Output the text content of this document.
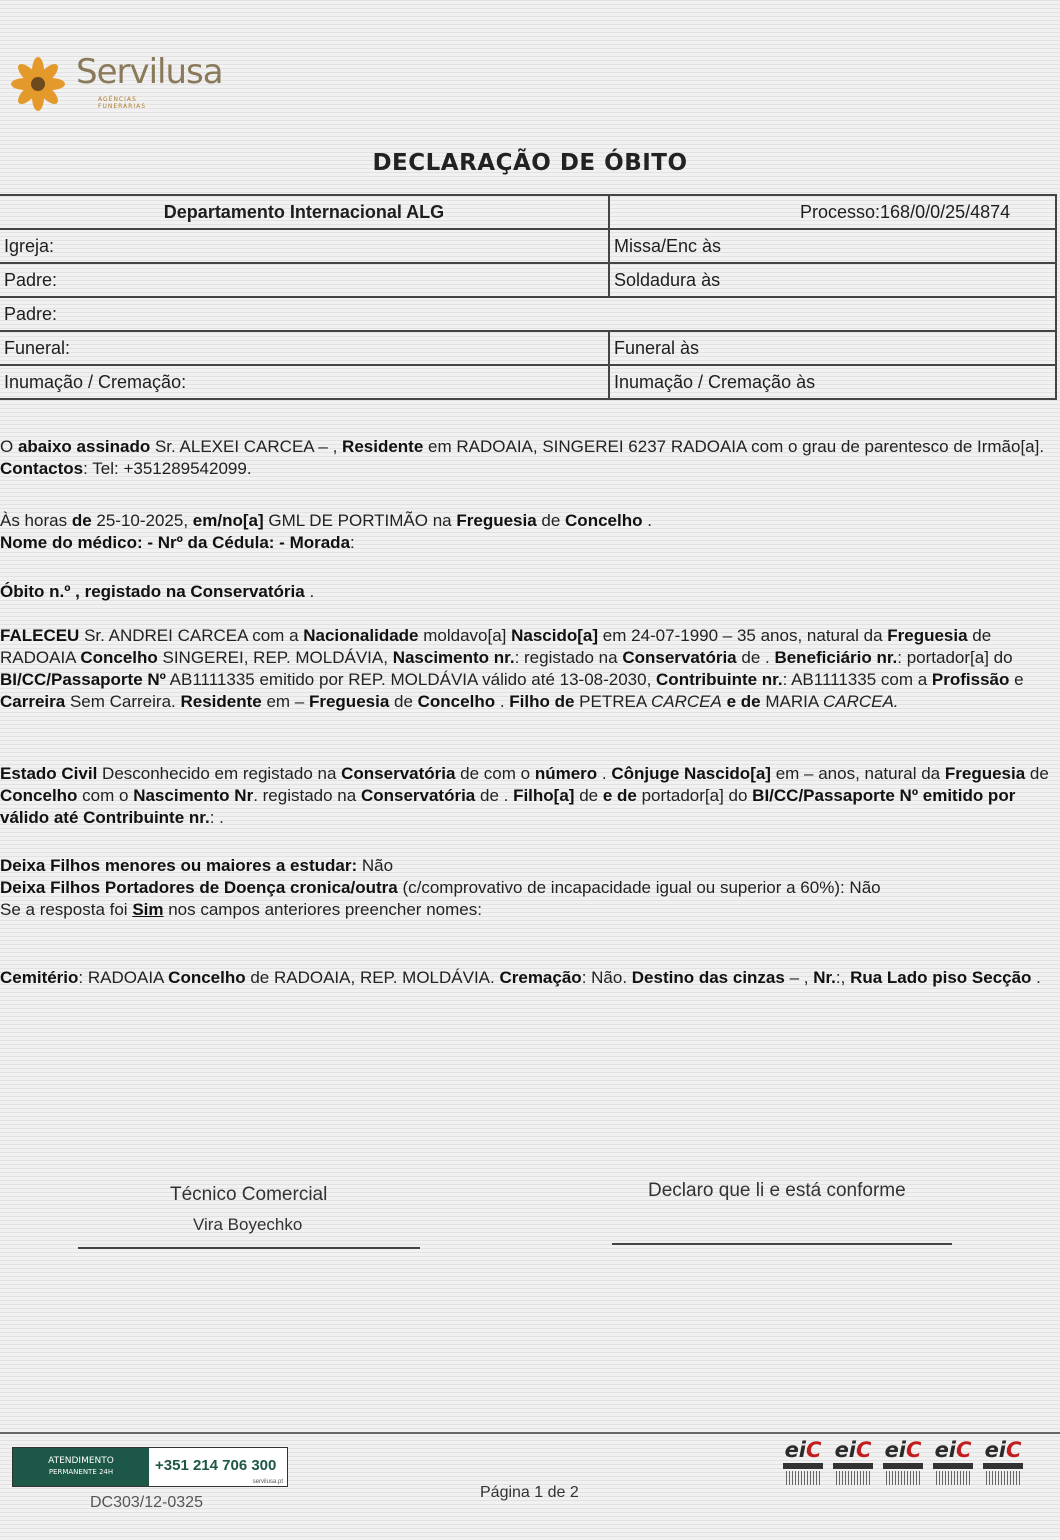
Servilusa
AGÊNCIAS FUNERÁRIAS
DECLARAÇÃO DE ÓBITO
Departamento Internacional ALG	Processo:168/0/0/25/4874
Igreja:	Missa/Enc às
Padre:	Soldadura às
Padre:	
Funeral:	Funeral às
Inumação / Cremação:	Inumação / Cremação às
O abaixo assinado Sr. ALEXEI CARCEA – , Residente em RADOAIA, SINGEREI 6237 RADOAIA com o grau de parentesco de Irmão[a]. Contactos: Tel: +351289542099.
Às horas de 25-10-2025, em/no[a] GML DE PORTIMÃO na Freguesia de Concelho .
Nome do médico: - Nrº da Cédula: - Morada:
Óbito n.º , registado na Conservatória .
FALECEU Sr. ANDREI CARCEA com a Nacionalidade moldavo[a] Nascido[a] em 24-07-1990 – 35 anos, natural da Freguesia de RADOAIA Concelho SINGEREI, REP. MOLDÁVIA, Nascimento nr.: registado na Conservatória de . Beneficiário nr.: portador[a] do BI/CC/Passaporte Nº AB1111335 emitido por REP. MOLDÁVIA válido até 13-08-2030, Contribuinte nr.: AB1111335 com a Profissão e Carreira Sem Carreira. Residente em – Freguesia de Concelho . Filho de PETREA CARCEA e de MARIA CARCEA.
Estado Civil Desconhecido em registado na Conservatória de com o número . Cônjuge Nascido[a] em – anos, natural da Freguesia de Concelho com o Nascimento Nr. registado na Conservatória de . Filho[a] de e de portador[a] do BI/CC/Passaporte Nº emitido por válido até Contribuinte nr.: .
Deixa Filhos menores ou maiores a estudar: Não
Deixa Filhos Portadores de Doença cronica/outra (c/comprovativo de incapacidade igual ou superior a 60%): Não
Se a resposta foi Sim nos campos anteriores preencher nomes:
Cemitério: RADOAIA Concelho de RADOAIA, REP. MOLDÁVIA. Cremação: Não. Destino das cinzas – , Nr.:, Rua Lado piso Secção .
Técnico Comercial
Vira Boyechko
Declaro que li e está conforme
ATENDIMENTO
PERMANENTE 24H	+351 214 706 300
servilusa.pt
DC303/12-0325
Página 1 de 2
eiC eiC eiC eiC eiC
